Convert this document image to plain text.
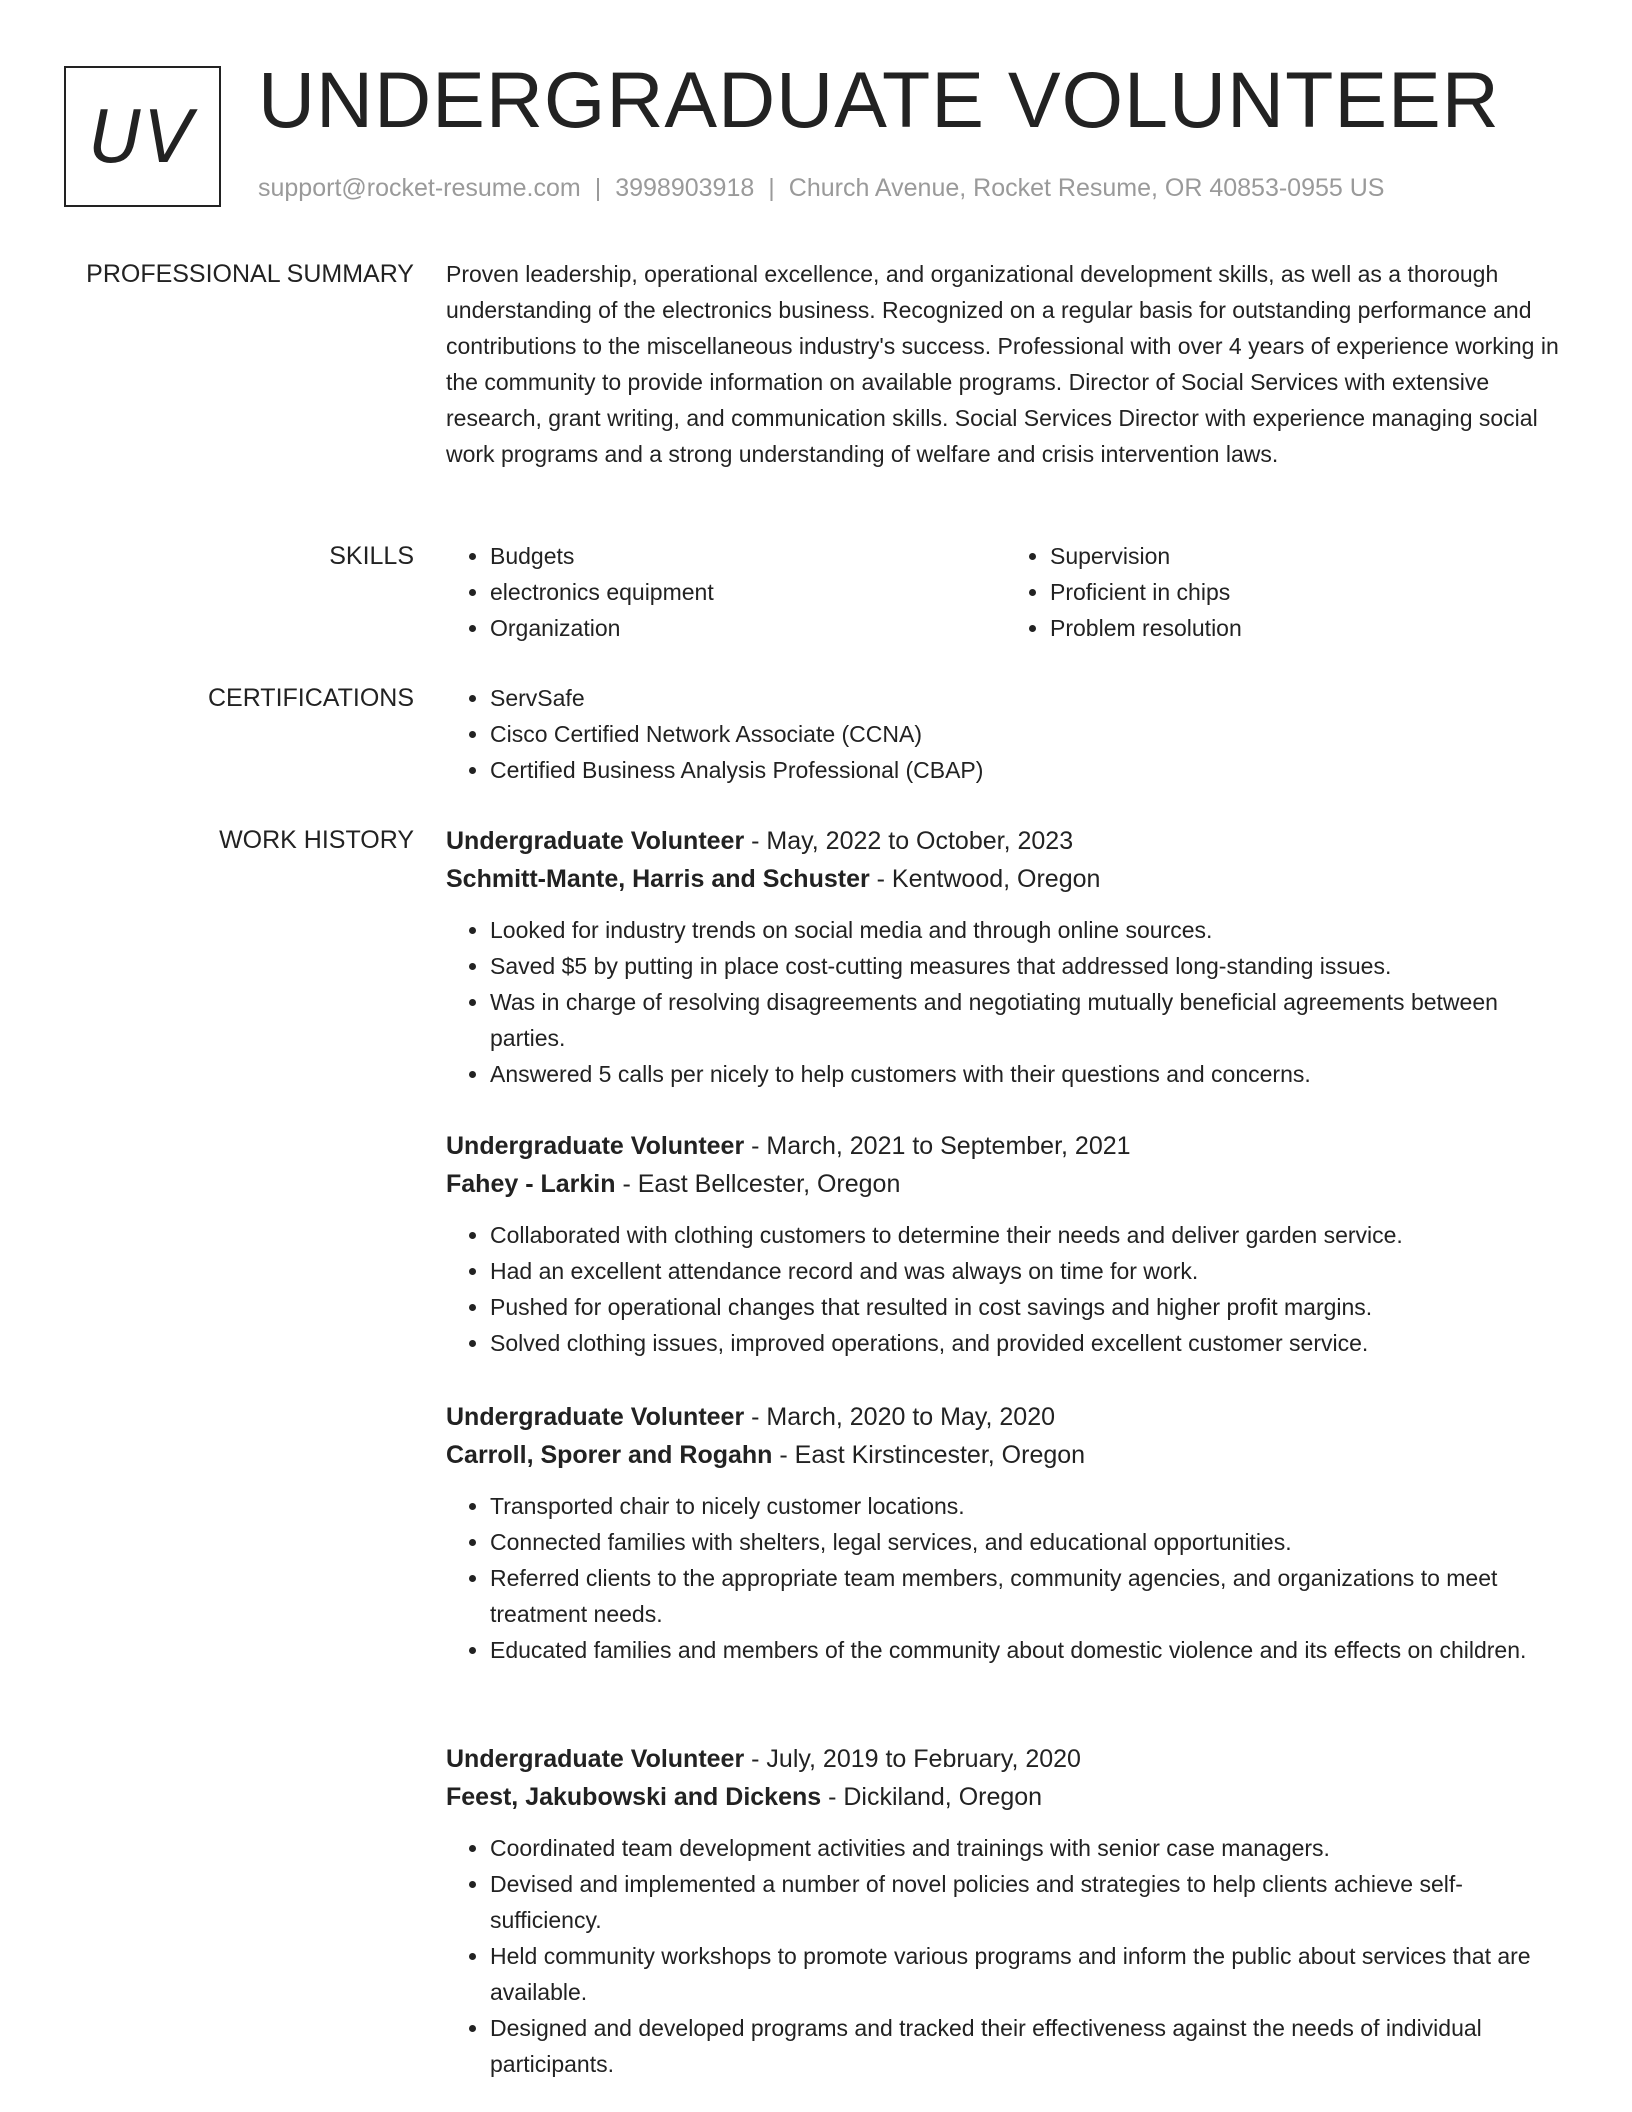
UV UNDERGRADUATE VOLUNTEER
support@rocket-resume.com | 3998903918 | Church Avenue, Rocket Resume, OR 40853-0955 US
PROFESSIONAL SUMMARY Proven leadership, operational excellence, and organizational development skills, as well as a thorough understanding of the electronics business. Recognized on a regular basis for outstanding performance and contributions to the miscellaneous industry's success. Professional with over 4 years of experience working in the community to provide information on available programs. Director of Social Services with extensive research, grant writing, and communication skills. Social Services Director with experience managing social work programs and a strong understanding of welfare and crisis intervention laws.
SKILLS	• Budgets
• electronics equipment
• Organization
• Supervision
• Proficient in chips
• Problem resolution
CERTIFICATIONS	• ServSafe
• Cisco Certified Network Associate (CCNA)
• Certified Business Analysis Professional (CBAP)
WORK HISTORY Undergraduate Volunteer - May, 2022 to October, 2023
Schmitt-Mante, Harris and Schuster - Kentwood, Oregon
• Looked for industry trends on social media and through online sources.
• Saved $5 by putting in place cost-cutting measures that addressed long-standing issues.
• Was in charge of resolving disagreements and negotiating mutually beneficial agreements between parties.
• Answered 5 calls per nicely to help customers with their questions and concerns.
Undergraduate Volunteer - March, 2021 to September, 2021
Fahey - Larkin - East Bellcester, Oregon
• Collaborated with clothing customers to determine their needs and deliver garden service.
• Had an excellent attendance record and was always on time for work.
• Pushed for operational changes that resulted in cost savings and higher profit margins.
• Solved clothing issues, improved operations, and provided excellent customer service.
Undergraduate Volunteer - March, 2020 to May, 2020
Carroll, Sporer and Rogahn - East Kirstincester, Oregon
• Transported chair to nicely customer locations.
• Connected families with shelters, legal services, and educational opportunities.
• Referred clients to the appropriate team members, community agencies, and organizations to meet treatment needs.
• Educated families and members of the community about domestic violence and its effects on children.
Undergraduate Volunteer - July, 2019 to February, 2020
Feest, Jakubowski and Dickens - Dickiland, Oregon
• Coordinated team development activities and trainings with senior case managers.
• Devised and implemented a number of novel policies and strategies to help clients achieve self-sufficiency.
• Held community workshops to promote various programs and inform the public about services that are available.
• Designed and developed programs and tracked their effectiveness against the needs of individual participants.
